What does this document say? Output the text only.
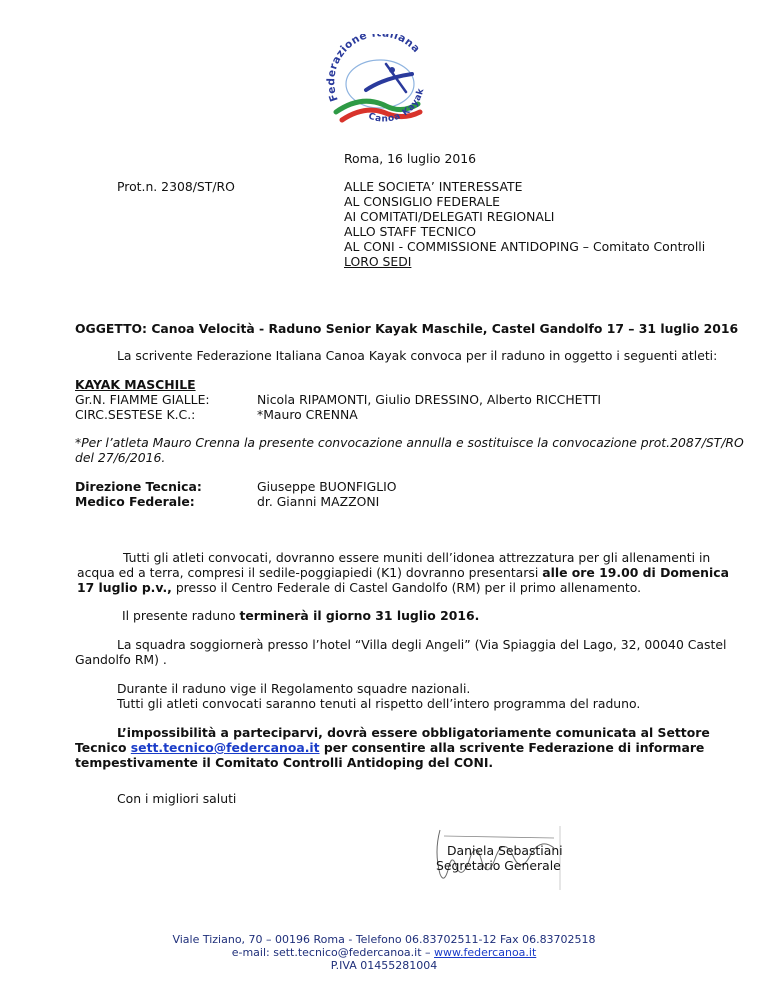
Federazione liana
Canoa Kayak
Roma, 16 luglio 2016
Prot.n. 2308/ST/RO	ALLE SOCIETA’ INTERESSATE
AL CONSIGLIO FEDERALE
AI COMITATI/DELEGATI REGIONALI
ALLO STAFF TECNICO
AL CONI - COMMISSIONE ANTIDOPING – Comitato Controlli
LORO SEDI
OGGETTO: Canoa Velocità - Raduno Senior Kayak Maschile, Castel Gandolfo 17 – 31 luglio 2016
La scrivente Federazione Italiana Canoa Kayak convoca per il raduno in oggetto i seguenti atleti:
KAYAK MASCHILE
Gr.N. FIAMME GIALLE:	Nicola RIPAMONTI, Giulio DRESSINO, Alberto RICCHETTI
CIRC.SESTESE K.C.:	*Mauro CRENNA
*Per l’atleta Mauro Crenna la presente convocazione annulla e sostituisce la convocazione prot.2087/ST/RO
del 27/6/2016.
Direzione Tecnica:	Giuseppe BUONFIGLIO
Medico Federale:	dr. Gianni MAZZONI
Tutti gli atleti convocati, dovranno essere muniti dell’idonea attrezzatura per gli allenamenti in
acqua ed a terra, compresi il sedile-poggiapiedi (K1) dovranno presentarsi alle ore 19.00 di Domenica
17 luglio p.v., presso il Centro Federale di Castel Gandolfo (RM) per il primo allenamento.
Il presente raduno terminerà il giorno 31 luglio 2016.
La squadra soggiornerà presso l’hotel “Villa degli Angeli” (Via Spiaggia del Lago, 32, 00040 Castel
Gandolfo RM) .
Durante il raduno vige il Regolamento squadre nazionali.
Tutti gli atleti convocati saranno tenuti al rispetto dell’intero programma del raduno.
L’impossibilità a parteciparvi, dovrà essere obbligatoriamente comunicata al Settore
Tecnico sett.tecnico@federcanoa.it per consentire alla scrivente Federazione di informare
tempestivamente il Comitato Controlli Antidoping del CONI.
Con i migliori saluti
Daniela Sebastiani
Segretario Generale
Viale Tiziano, 70 – 00196 Roma - Telefono 06.83702511-12 Fax 06.83702518
e-mail: sett.tecnico@federcanoa.it – www.federcanoa.it
P.IVA 01455281004
